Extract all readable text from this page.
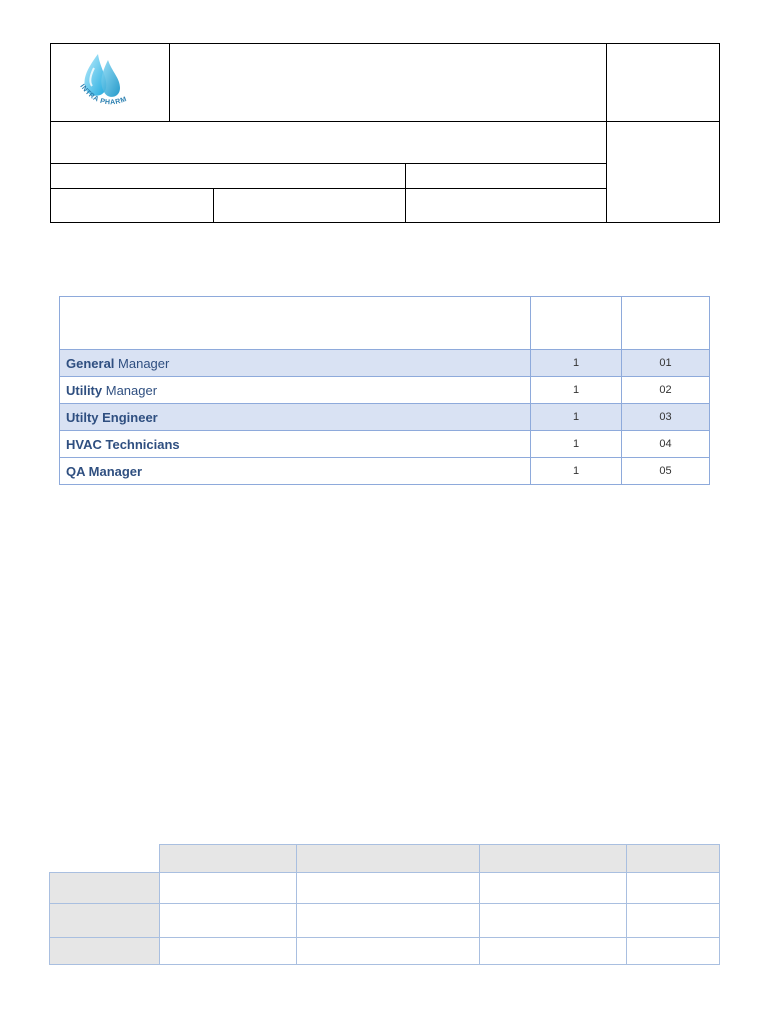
INTRA PHARM

General Manager	1	01
Utility Manager	1	02
Utilty Engineer	1	03
HVAC Technicians	1	04
QA Manager	1	05
